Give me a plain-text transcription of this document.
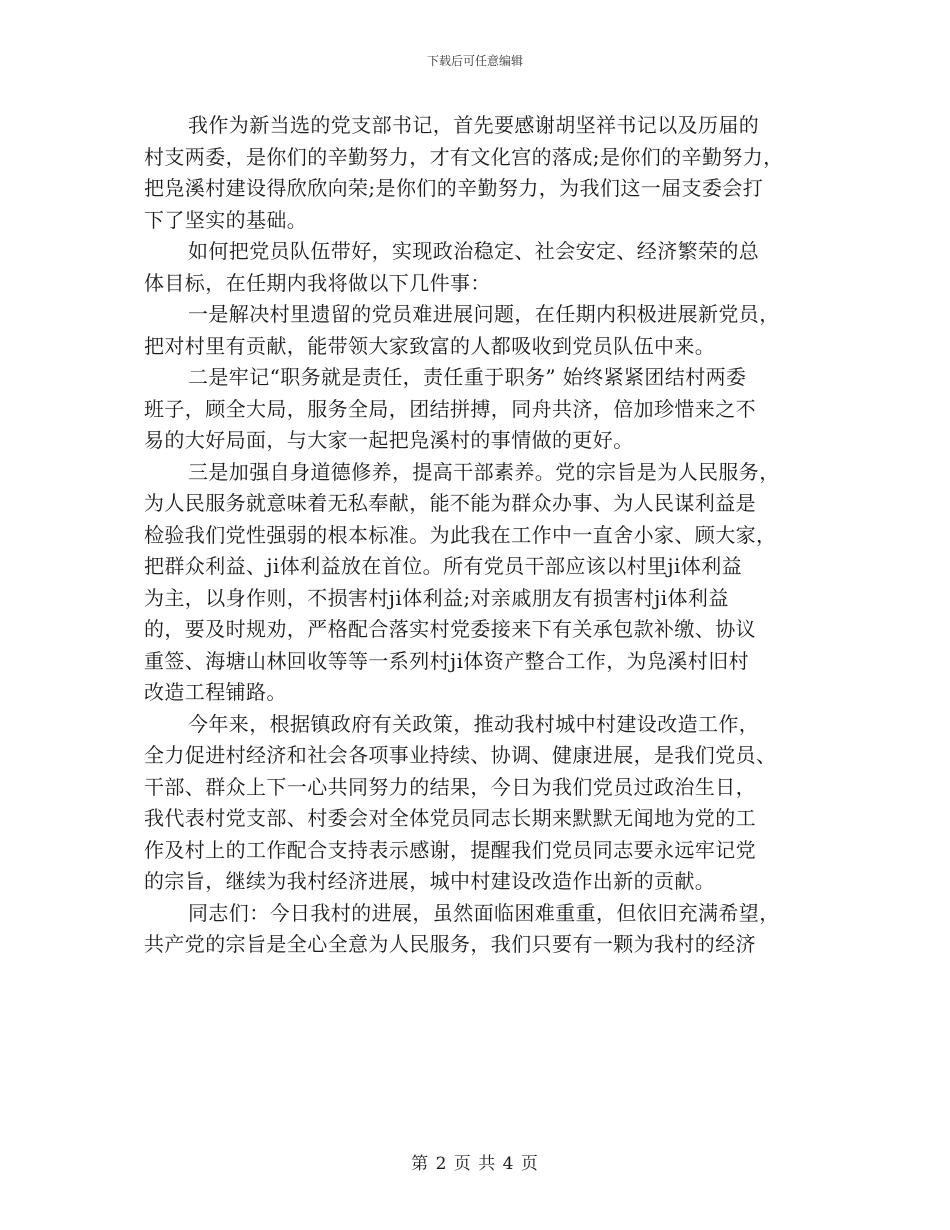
下载后可任意编辑

我作为新当选的党支部书记，首先要感谢胡坚祥书记以及历届的
村支两委，是你们的辛勤努力，才有文化宫的落成;是你们的辛勤努力，
把凫溪村建设得欣欣向荣;是你们的辛勤努力，为我们这一届支委会打
下了坚实的基础。

如何把党员队伍带好，实现政治稳定、社会安定、经济繁荣的总
体目标，在任期内我将做以下几件事：

一是解决村里遗留的党员难进展问题，在任期内积极进展新党员，
把对村里有贡献，能带领大家致富的人都吸收到党员队伍中来。

二是牢记“职务就是责任，责任重于职务” 始终紧紧团结村两委
班子，顾全大局，服务全局，团结拼搏，同舟共济，倍加珍惜来之不
易的大好局面，与大家一起把凫溪村的事情做的更好。

三是加强自身道德修养，提高干部素养。党的宗旨是为人民服务，
为人民服务就意味着无私奉献，能不能为群众办事、为人民谋利益是
检验我们党性强弱的根本标准。为此我在工作中一直舍小家、顾大家，
把群众利益、ji体利益放在首位。所有党员干部应该以村里ji体利益
为主，以身作则，不损害村ji体利益;对亲戚朋友有损害村ji体利益
的，要及时规劝，严格配合落实村党委接来下有关承包款补缴、协议
重签、海塘山林回收等等一系列村ji体资产整合工作，为凫溪村旧村
改造工程铺路。

今年来，根据镇政府有关政策，推动我村城中村建设改造工作，
全力促进村经济和社会各项事业持续、协调、健康进展，是我们党员、
干部、群众上下一心共同努力的结果，今日为我们党员过政治生日，
我代表村党支部、村委会对全体党员同志长期来默默无闻地为党的工
作及村上的工作配合支持表示感谢，提醒我们党员同志要永远牢记党
的宗旨，继续为我村经济进展，城中村建设改造作出新的贡献。

同志们：今日我村的进展，虽然面临困难重重，但依旧充满希望，
共产党的宗旨是全心全意为人民服务，我们只要有一颗为我村的经济

第 2 页 共 4 页
